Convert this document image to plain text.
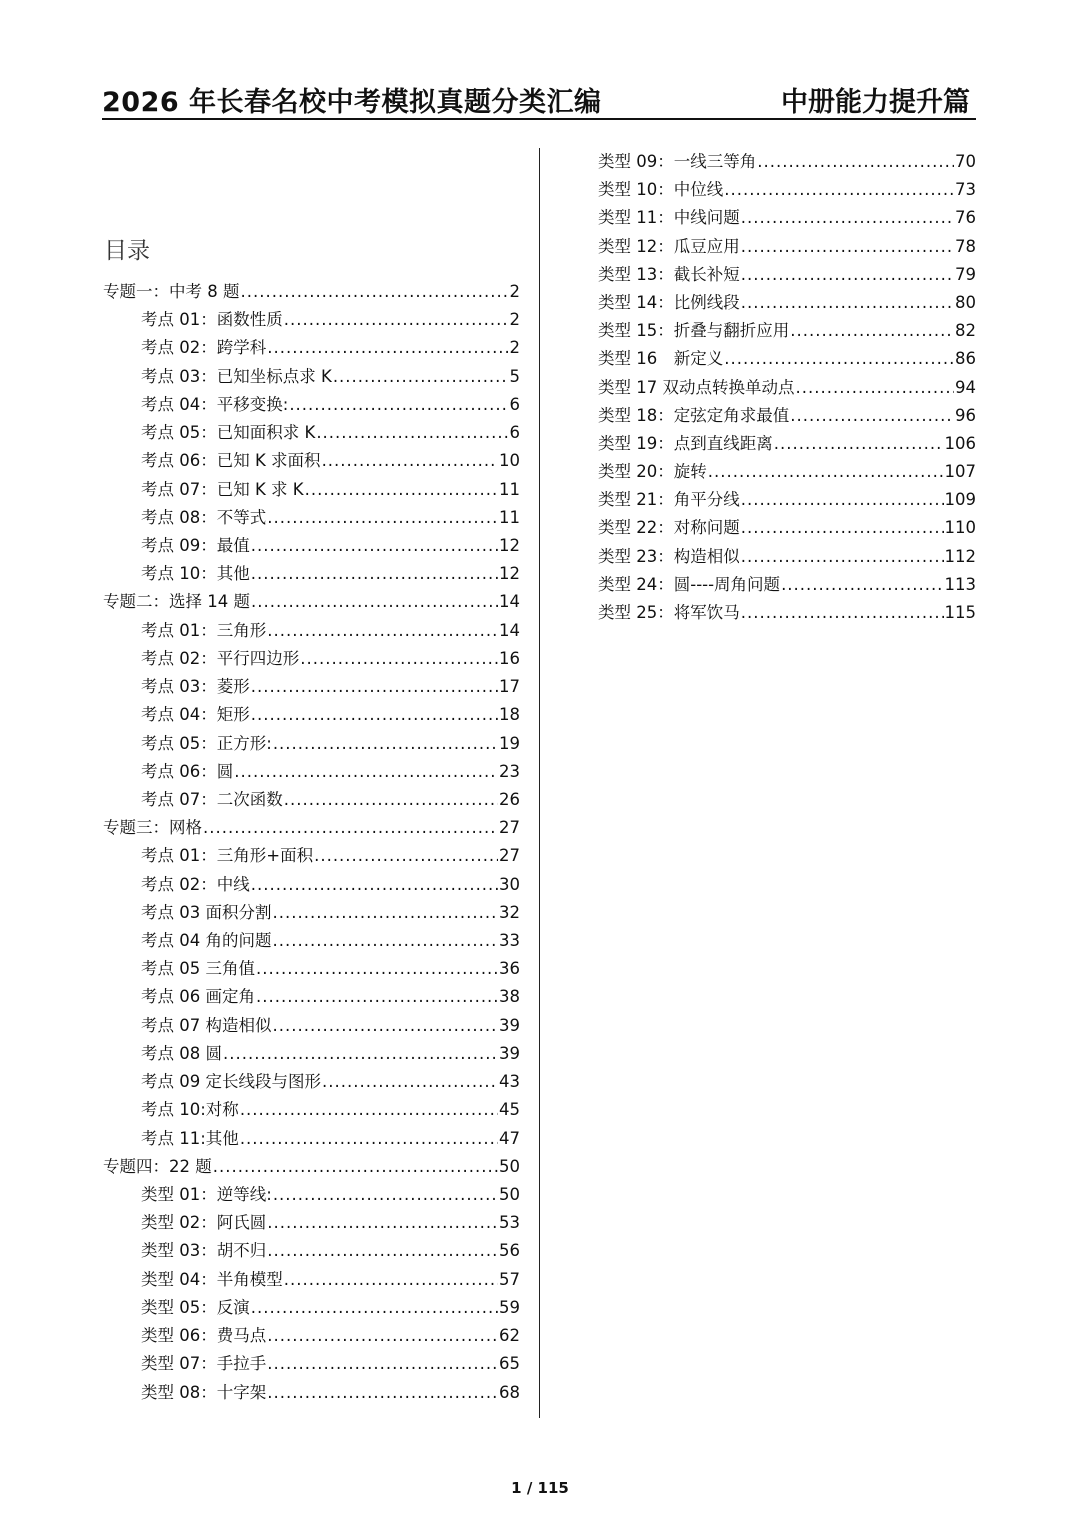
2026 年长春名校中考模拟真题分类汇编	中册能力提升篇
目录
专题一：中考 8 题 .....	2
考点 01：函数性质 .....	2
考点 02：跨学科 .....	2
考点 03：已知坐标点求 K .....	5
考点 04：平移变换: .....	6
考点 05：已知面积求 K .....	6
考点 06：已知 K 求面积 .....	10
考点 07：已知 K 求 K .....	11
考点 08：不等式 .....	11
考点 09：最值 .....	12
考点 10：其他 .....	12
专题二：选择 14 题 .....	14
考点 01：三角形 .....	14
考点 02：平行四边形 .....	16
考点 03：菱形 .....	17
考点 04：矩形 .....	18
考点 05：正方形: .....	19
考点 06：圆 .....	23
考点 07：二次函数 .....	26
专题三：网格 .....	27
考点 01：三角形+面积 .....	27
考点 02：中线 .....	30
考点 03 面积分割 .....	32
考点 04 角的问题 .....	33
考点 05 三角值 .....	36
考点 06 画定角 .....	38
考点 07 构造相似 .....	39
考点 08 圆 .....	39
考点 09 定长线段与图形 .....	43
考点 10:对称 .....	45
考点 11:其他 .....	47
专题四：22 题 .....	50
类型 01：逆等线: .....	50
类型 02：阿氏圆 .....	53
类型 03：胡不归 .....	56
类型 04：半角模型 .....	57
类型 05：反演 .....	59
类型 06：费马点 .....	62
类型 07：手拉手 .....	65
类型 08：十字架 .....	68
类型 09：一线三等角 .....	70
类型 10：中位线 .....	73
类型 11：中线问题 .....	76
类型 12：瓜豆应用 .....	78
类型 13：截长补短 .....	79
类型 14：比例线段 .....	80
类型 15：折叠与翻折应用 .....	82
类型 16　新定义 .....	86
类型 17 双动点转换单动点 .....	94
类型 18：定弦定角求最值 .....	96
类型 19：点到直线距离 .....	106
类型 20：旋转 .....	107
类型 21：角平分线 .....	109
类型 22：对称问题 .....	110
类型 23：构造相似 .....	112
类型 24：圆----周角问题 .....	113
类型 25：将军饮马 .....	115
1 / 115
